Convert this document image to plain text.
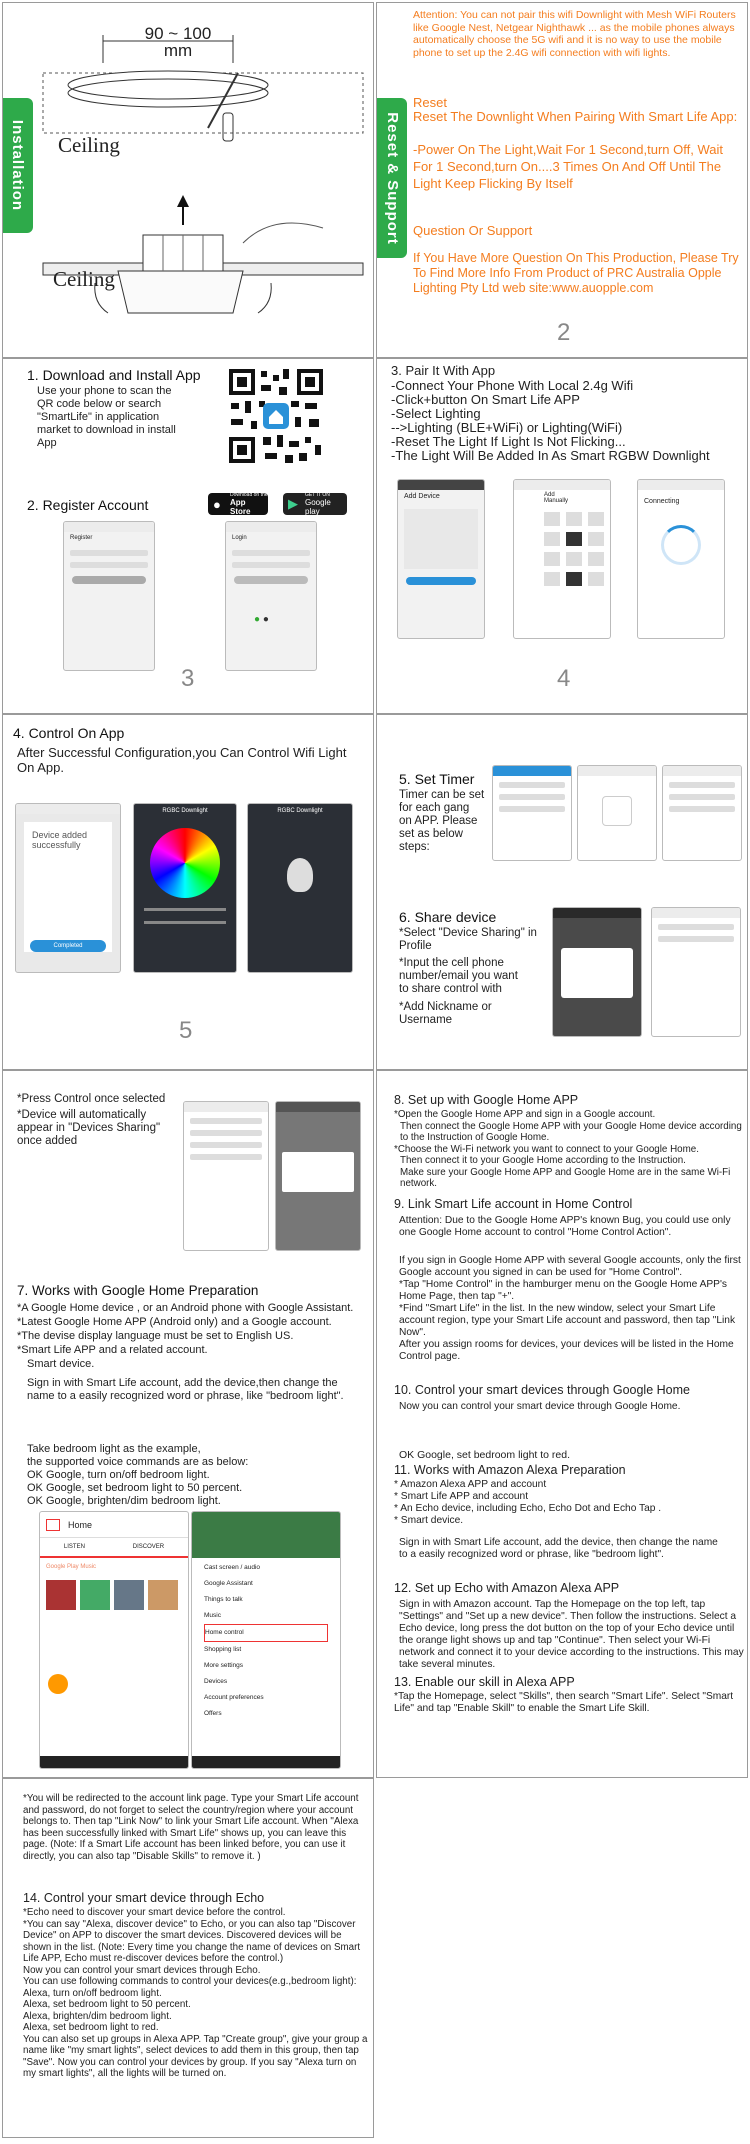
Installation
90 ~ 100
mm
Ceiling
Ceiling
Reset & Support
Attention: You can not pair this wifi Downlight with Mesh WiFi Routers like Google Nest, Netgear Nighthawk ... as the mobile phones always automatically choose the 5G wifi and it is no way to use the mobile phone to set up the 2.4G wifi connection with wifi lights.
Reset
Reset The Downlight When Pairing With Smart Life App:
-Power On The Light,Wait For 1 Second,turn Off, Wait For 1 Second,turn On....3 Times On And Off Until The Light Keep Flicking By Itself
Question Or Support
If You Have More Question On This Production, Please Try To Find More Info From Product of PRC Australia Opple Lighting Pty Ltd web site:www.auopple.com
2
1. Download and Install App
Use your phone to scan the QR code below or search "SmartLife" in application market to download in install App
2. Register Account	●
Download on the
App Store
▶
GET IT ON
Google play
Register	Login
● ●
3
3. Pair It With App
-Connect Your Phone With Local 2.4g Wifi
-Click+button On Smart Life APP
-Select Lighting
-->Lighting (BLE+WiFi) or Lighting(WiFi)
-Reset The Light If Light Is Not Flicking...
-The Light Will Be Added In As Smart RGBW Downlight
Add Device	Add Manually	Connecting
4
4. Control On App
After Successful Configuration,you Can Control Wifi Light On App.
Device added successfully
Completed
RGBC Downlight	RGBC Downlight
5
5. Set Timer
Timer can be set for each gang on APP. Please set as below steps:
6. Share device
*Select "Device Sharing" in Profile
*Input the cell phone number/email you want to share control with
*Add Nickname or Username
*Press Control once selected
*Device will automatically appear in "Devices Sharing" once added
7. Works with Google Home Preparation
*A Google Home device , or an Android phone with Google Assistant.
*Latest Google Home APP (Android only) and a Google account.
*The devise display language must be set to English US.
*Smart Life APP and a related account.
Smart device.
Sign in with Smart Life account, add the device,then change the name to a easily recognized word or phrase, like "bedroom light".
Take bedroom light as the example,
the supported voice commands are as below:
OK Google, turn on/off bedroom light.
OK Google, set bedroom light to 50 percent.
OK Google, brighten/dim bedroom light.
Home
LISTEN	DISCOVER
Google Play Music	Cast screen / audio
Google Assistant
Things to talk
Music
Home control
Shopping list
More settings
Devices
Account preferences
Offers
8. Set up with Google Home APP
*Open the Google Home APP and sign in a Google account.
Then connect the Google Home APP with your Google Home device according to the Instruction of Google Home.
*Choose the Wi-Fi network you want to connect to your Google Home.
Then connect it to your Google Home according to the Instruction.
Make sure your Google Home APP and Google Home are in the same Wi-Fi network.
9. Link Smart Life account in Home Control
Attention: Due to the Google Home APP's known Bug, you could use only one Google Home account to control "Home Control Action".
If you sign in Google Home APP with several Google accounts, only the first Google account you signed in can be used for "Home Control".
*Tap "Home Control" in the hamburger menu on the Google Home APP's Home Page, then tap "+".
*Find "Smart Life" in the list. In the new window, select your Smart Life account region, type your Smart Life account and password, then tap "Link Now".
After you assign rooms for devices, your devices will be listed in the Home Control page.
10. Control your smart devices through Google Home
Now you can control your smart device through Google Home.
OK Google, set bedroom light to red.
11. Works with Amazon Alexa Preparation
* Amazon Alexa APP and account
* Smart Life APP and account
* An Echo device, including Echo, Echo Dot and Echo Tap .
* Smart device.
Sign in with Smart Life account, add the device, then change the name to a easily recognized word or phrase, like "bedroom light".
12. Set up Echo with Amazon Alexa APP
Sign in with Amazon account. Tap the Homepage on the top left, tap "Settings" and "Set up a new device". Then follow the instructions. Select a Echo device, long press the dot button on the top of your Echo device until the orange light shows up and tap "Continue". Then select your Wi-Fi network and connect it to your device according to the instructions. This may take several minutes.
13. Enable our skill in Alexa APP
*Tap the Homepage, select "Skills", then search "Smart Life". Select "Smart Life" and tap "Enable Skill" to enable the Smart Life Skill.
*You will be redirected to the account link page. Type your Smart Life account and password, do not forget to select the country/region where your account belongs to. Then tap "Link Now" to link your Smart Life account. When "Alexa has been successfully linked with Smart Life" shows up, you can leave this page. (Note: If a Smart Life account has been linked before, you can use it directly, you can also tap "Disable Skills" to remove it. )
14. Control your smart device through Echo
*Echo need to discover your smart device before the control.
*You can say "Alexa, discover device" to Echo, or you can also tap "Discover Device" on APP to discover the smart devices. Discovered devices will be shown in the list. (Note: Every time you change the name of devices on Smart Life APP, Echo must re-discover devices before the control.)
Now you can control your smart devices through Echo.
You can use following commands to control your devices(e.g.,bedroom light):
Alexa, turn on/off bedroom light.
Alexa, set bedroom light to 50 percent.
Alexa, brighten/dim bedroom light.
Alexa, set bedroom light to red.
You can also set up groups in Alexa APP. Tap "Create group", give your group a name like "my smart lights", select devices to add them in this group, then tap "Save". Now you can control your devices by group. If you say "Alexa turn on my smart lights", all the lights will be turned on.
